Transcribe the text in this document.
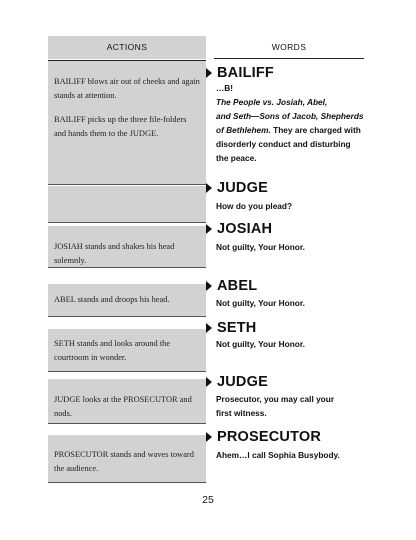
ACTIONS	WORDS

BAILIFF blows air out of cheeks and again stands at attention.

BAILIFF picks up the three file-folders and hands them to the JUDGE.

BAILIFF
…B!
The People vs. Josiah, Abel,
and Seth—Sons of Jacob, Shepherds
of Bethlehem. They are charged with
disorderly conduct and disturbing
the peace.
JUDGE
How do you plead?

JOSIAH stands and shakes his head solemnly.

JOSIAH
Not guilty, Your Honor.

ABEL stands and droops his head.

ABEL
Not guilty, Your Honor.

SETH stands and looks around the

courtroom in wonder.

SETH
Not guilty, Your Honor.

JUDGE looks at the PROSECUTOR and nods.

JUDGE
Prosecutor, you may call your
first witness.

PROSECUTOR stands and waves toward

the audience.

PROSECUTOR
Ahem…I call Sophia Busybody.
25
